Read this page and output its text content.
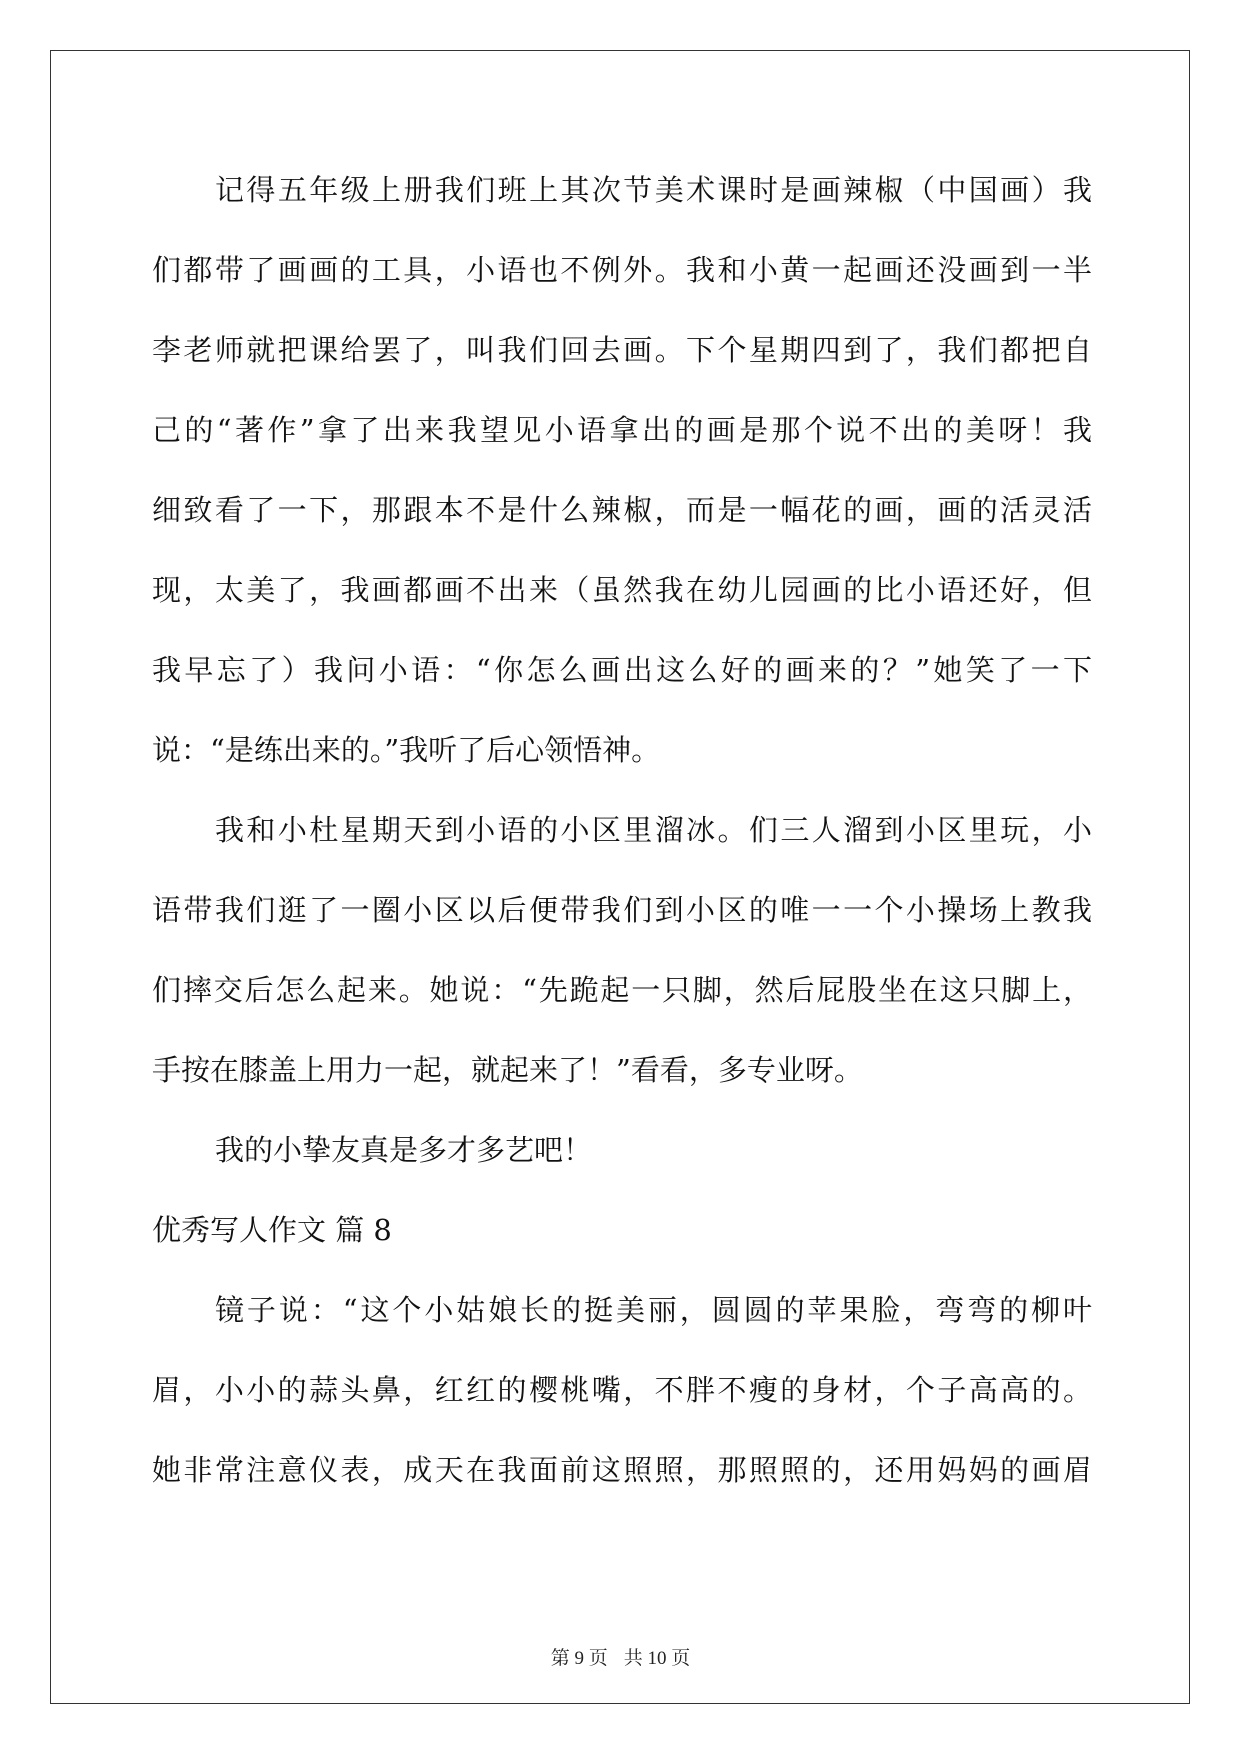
记得五年级上册我们班上其次节美术课时是画辣椒（中国画）我
们都带了画画的工具，小语也不例外。我和小黄一起画还没画到一半
李老师就把课给罢了，叫我们回去画。下个星期四到了，我们都把自
己的“著作”拿了出来我望见小语拿出的画是那个说不出的美呀！我
细致看了一下，那跟本不是什么辣椒，而是一幅花的画，画的活灵活
现，太美了，我画都画不出来（虽然我在幼儿园画的比小语还好，但
我早忘了）我问小语：“你怎么画出这么好的画来的？”她笑了一下
说：“是练出来的。”我听了后心领悟神。
我和小杜星期天到小语的小区里溜冰。们三人溜到小区里玩，小
语带我们逛了一圈小区以后便带我们到小区的唯一一个小操场上教我
们摔交后怎么起来。她说：“先跪起一只脚，然后屁股坐在这只脚上，
手按在膝盖上用力一起，就起来了！”看看，多专业呀。
我的小挚友真是多才多艺吧！
优秀写人作文 篇 8
镜子说：“这个小姑娘长的挺美丽，圆圆的苹果脸，弯弯的柳叶
眉，小小的蒜头鼻，红红的樱桃嘴，不胖不瘦的身材，个子高高的。
她非常注意仪表，成天在我面前这照照，那照照的，还用妈妈的画眉
第 9 页 共 10 页
